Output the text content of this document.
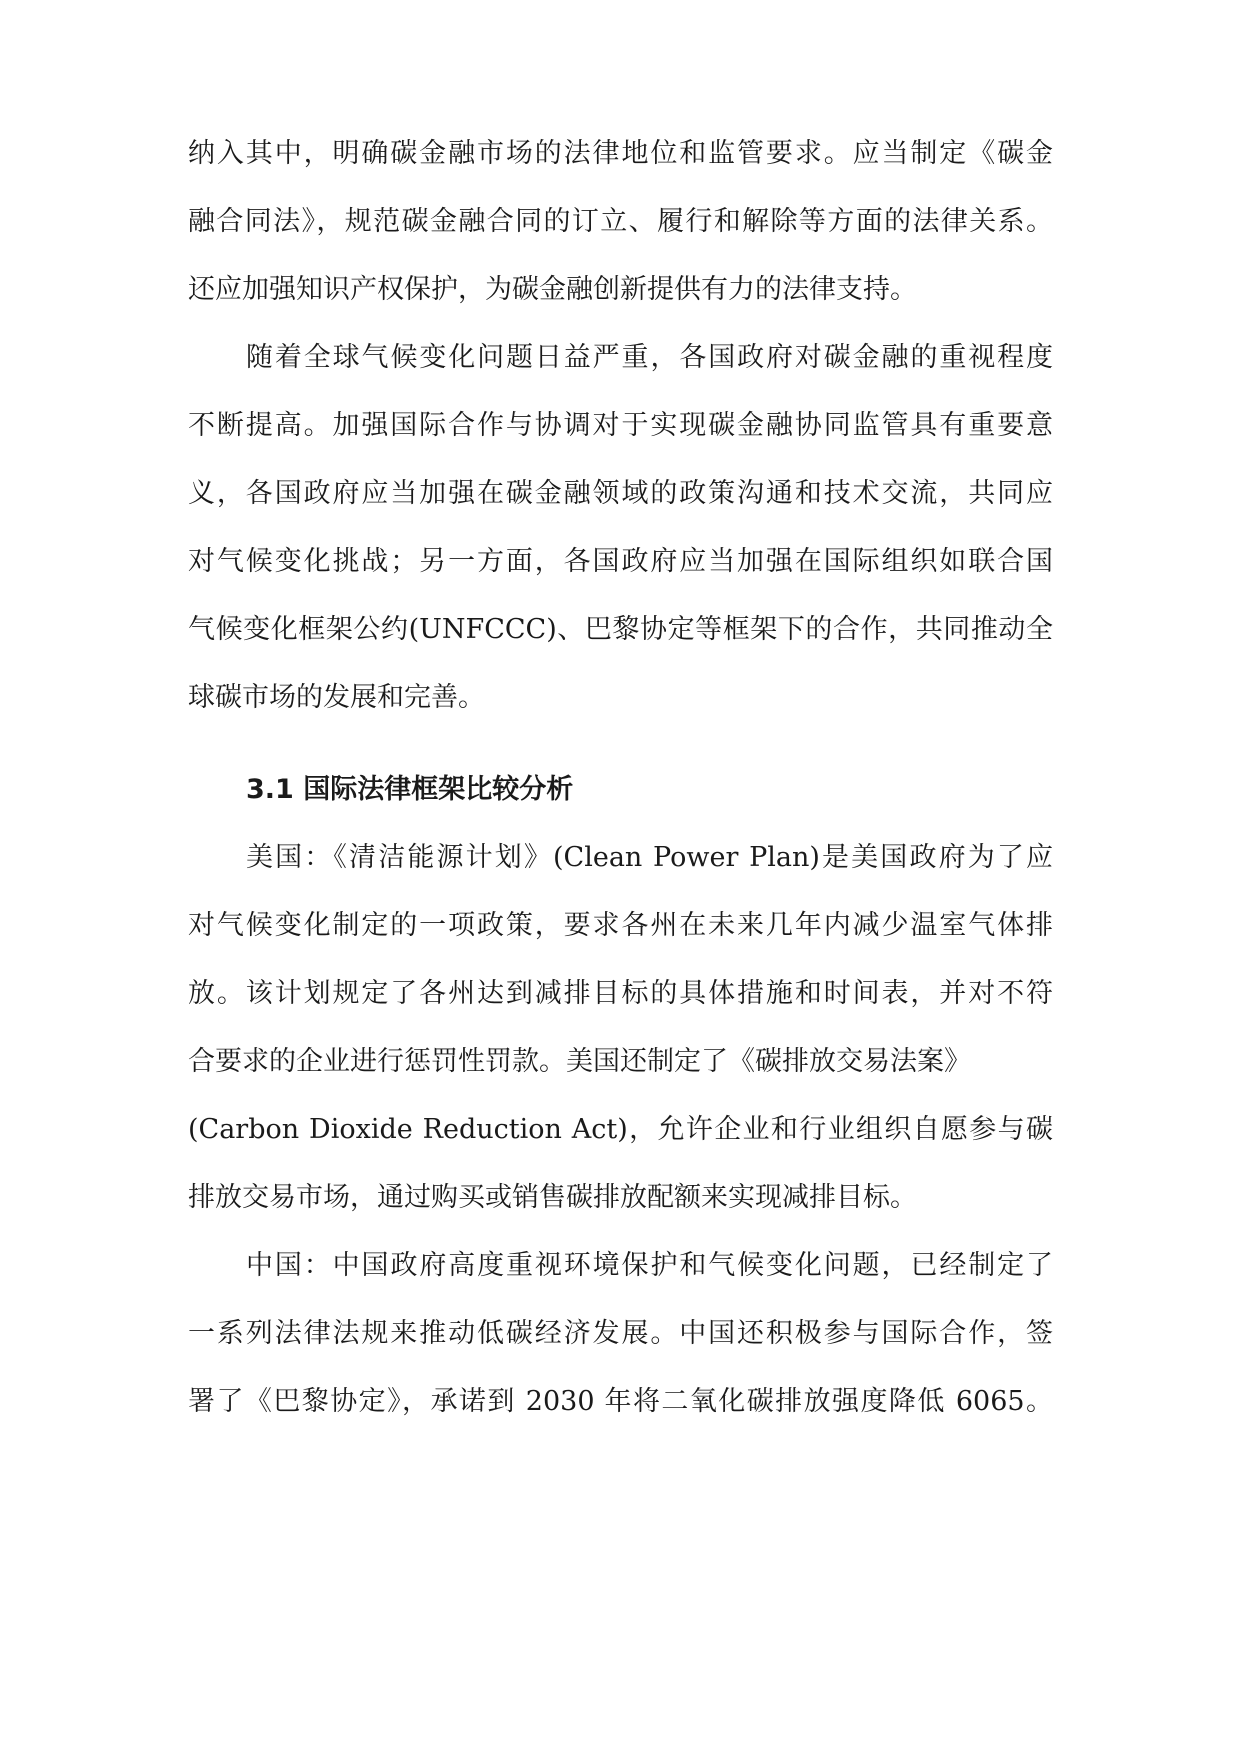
纳入其中，明确碳金融市场的法律地位和监管要求。应当制定《碳金
融合同法》，规范碳金融合同的订立、履行和解除等方面的法律关系。
还应加强知识产权保护，为碳金融创新提供有力的法律支持。
随着全球气候变化问题日益严重，各国政府对碳金融的重视程度
不断提高。加强国际合作与协调对于实现碳金融协同监管具有重要意
义，各国政府应当加强在碳金融领域的政策沟通和技术交流，共同应
对气候变化挑战；另一方面，各国政府应当加强在国际组织如联合国
气候变化框架公约(UNFCCC)、巴黎协定等框架下的合作，共同推动全
球碳市场的发展和完善。
3.1 国际法律框架比较分析
美国：《清洁能源计划》(Clean Power Plan)是美国政府为了应
对气候变化制定的一项政策，要求各州在未来几年内减少温室气体排
放。该计划规定了各州达到减排目标的具体措施和时间表，并对不符
合要求的企业进行惩罚性罚款。美国还制定了《碳排放交易法案》
(Carbon Dioxide Reduction Act)，允许企业和行业组织自愿参与碳
排放交易市场，通过购买或销售碳排放配额来实现减排目标。
中国：中国政府高度重视环境保护和气候变化问题，已经制定了
一系列法律法规来推动低碳经济发展。中国还积极参与国际合作，签
署了《巴黎协定》，承诺到 2030 年将二氧化碳排放强度降低 6065。
